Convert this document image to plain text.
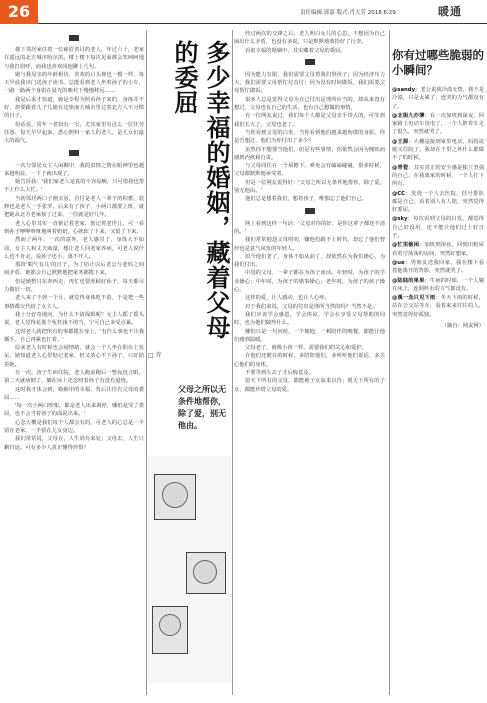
26	责任编辑:郭嘉 版式:肖大芳 2018.6.29	暖通

楼下邻居家住着一位慈眉善目的老人，年过六十，老家在遥远的北方城市哈尔滨。楼上楼下每次见面都会笑呵呵地与我打招呼，而我也喜欢同他聊上几句。

她与我母亲的年龄相仿，喜欢的口头禅也一模一样，每天早晨我出门送孩子读书，总能看到老人坐着孙子的小车，一路一路两个身影在晨光的映衬下慢慢移远……

我是后来才知道，她是专程为照看孙子来的，身体并不好，却要跟着儿子儿媳在这座南方城市里过着北方人不习惯的日子。

俗话说，常年一老如有一宝，尤其家里有这么一位任劳任怨、每天早早起来、悉心照料一家人的老人，是儿女们最大的福气。

一次与邻居女主人闲聊中，我的表情之情在眼神里也越来越明显，一下子就出现了。

她告诉我：'我们家老人是真的不容易啊，只可惜我也帮不上什么大忙。'

当初邻居两口子刚买房，首付是老人一辈子的积蓄，装修也是老人一手张罗，后来有了孩子，小两口都要上班，就把她从北方老家接了过来，一住就是好几年。

老人心里其实一直惦记着老家，惦记着老伴儿，可一看到孙子咿咿呀呀地叫着奶奶，心就软了下来，又留了下来。

然而了两年，一次的意外，老人感冒了，身体大不如前，女主人和丈夫商量，想让老人回老家养病，可老人说什么也不肯走，说孙子还小，离不开人。

那段'喘气有儿'的日子，为了防止以后老公与老妈之间闹矛盾，她都会自己默默地把家务都揽下来。

但是她整日东奔西走，再忙也要照顾好孙子，每天都尽力做好一切。

老人来了不到一个月，就觉得身体吃不消，于是把一些事情都交代给了女主人。

我十分好奇地问，为什么不请保姆呢？女主人摇了摇头说，老人觉得花那个冤枉钱不值当，宁可自己多受点累。

这时老人就把所有的事都揽在身上，'有什么事也不让我插手，自己再累也扛着。'

原来老人有时候也会闹情绪，就会一个人坐在阳台上发呆，她知道老人心里惦记老家，但又放心不下孙子，只好陪着她。

有一次，孩子生病住院，老人跑前跑后一整夜没合眼，第二天就病倒了，躺在床上还念叨着孙子有没有退烧。

这时我才体会到，婚姻中的幸福，背后往往有父母的委屈……

'每一次小两口吵架，都是老人出来调停，哪怕是受了委屈，也不会当着孩子的面说出来。'

心念大概是我们每个人都会有的，可老人的心总是一半留在老家，一半留在儿女身边。

我们常常说，父母在，人生尚有来处；父母去，人生只剩归途。可有多少人真正懂得珍惜？

多少幸福的婚姻，藏着父母的委屈
□ 卉
父母之所以无条件地帮你，除了爱，别无他由。

经过两次的交锋之后，老人明白女儿的心思，不想因为自己闹出什么矛盾，也没有多说，只是默默地收拾好了行李。

看似幸福的婚姻中，其实藏着父母的委屈。

因为能力有限，我们需要父母帮我们带孩子；因为经济压力大，我们需要父母帮忙付首付；因为没有时间做饭，我们需要父母帮忙做饭。

很多人总是觉得父母为自己付出是理所应当的，却从来没有想过，父母也有自己的生活，也有自己想做的事情。

有一位网友说过，我们每个人都是父母亲手带大的，可等到我们长大了，父母也老了。

当你看到父母的白发，当你看到他们越来越佝偻的身影，你是否想过，他们为你付出了多少？

虽然你不想要当他们，但是有些事情，你依然会因为愧疚而感到内疚和自责。

与父母同住在一个屋檐下，难免会有磕磕碰碰，很多时候，父母都默默地承受着。

但是一位网友说得好：'父母之所以无条件地帮你，除了爱，别无他由。'

他们总是想着我们，想着孩子，唯独忘了他们自己。

网上看到这样一句话：'父母对你的好，是你这辈子都还不清的。'

我们常常抱怨父母唠叨，嫌他们跟不上时代，却忘了他们曾经也是意气风发的年轻人。

如今他们老了，身体不如从前了，却依然在为我们操心，为我们付出。

中国的父母，一辈子都在为孩子而活。年轻时，为孩子的学业操心；中年时，为孩子的婚事操心；老年时，为孩子的孩子操心。

这样的爱，让人感动，也让人心疼。

对于我们来说，父母的付出是理所当然的吗？当然不是。

我们应该学会感恩，学会体谅，学会在享受父母帮助的同时，也为他们做些什么。

哪怕只是一句问候，一个拥抱，一顿陪伴的晚餐，都能让他们感到温暖。

父母老了，就像小孩一样，需要我们的关心和爱护。

在他们还健在的时候，多陪陪他们，多听听他们说话，多关心他们的身体。

不要等到失去了才后悔莫及。

愿天下所有的父母，都能被子女温柔以待；愿天下所有的子女，都能珍惜父母的爱。

你有过哪些脆弱的小瞬间？
@sandy：老公说我冷漠无情，我不是冷漠，只是太累了，连哭的力气都没有了。
@北街九亦薄：有一次加班到深夜，回家路上电动车没电了，一个人推着车走了很久，突然就哭了。
@王源：大概是接到家里电话，妈妈说她又住院了，我却在千里之外什么都做不了的时候。
@青瓷：其实真正的安全感是独立坚强的自己，在我离家的时候，一个人扛下所有。
@CC：发烧一个人去医院，挂号排队都是自己，看着别人有人陪，突然觉得好委屈。
@sky：每次看到父母的白发，都觉得自己好没用，还不能让他们过上好日子。
@忙里偷闲：加班到深夜，回到出租屋看着空荡荡的房间，突然好想家。
@ue：男朋友送我回家，我在楼下看着他离开的背影，突然就哭了。
@陆陆的果果：生病的时候，一个人躺在床上，连倒杯水的力气都没有。
@溪一念只见下雨：冬天下雨的时候，站在公交站等车，看着来来往往的人，突然觉得好孤独。
（摘自：网友网）
